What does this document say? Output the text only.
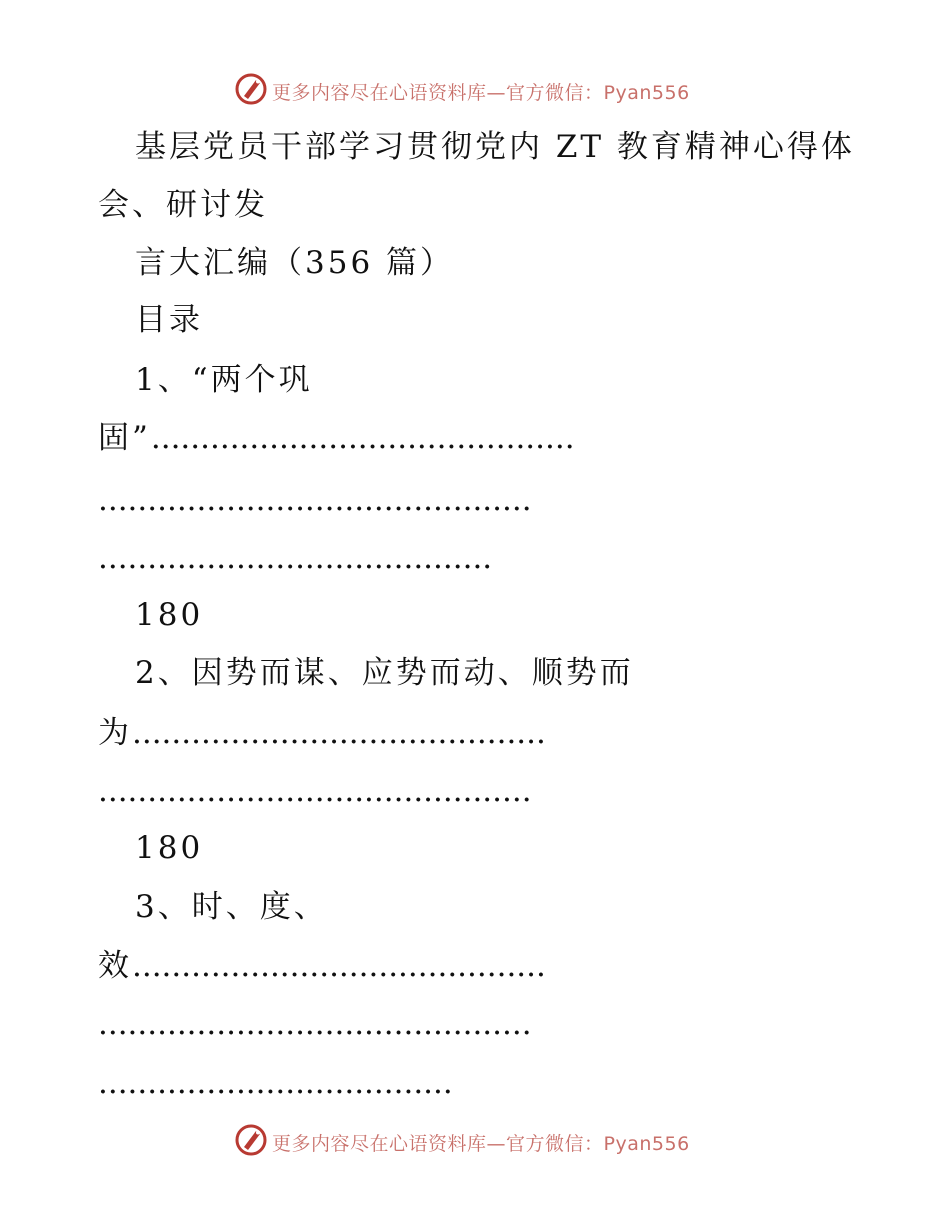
更多内容尽在心语资料库—官方微信：Pyan556
基层党员干部学习贯彻党内 ZT 教育精神心得体
会、研讨发
言大汇编（356 篇）
目录
1、“两个巩
固”...........................................
............................................
........................................
180
2、因势而谋、应势而动、顺势而
为..........................................
............................................
180
3、时、度、
效..........................................
............................................
....................................
更多内容尽在心语资料库—官方微信：Pyan556
